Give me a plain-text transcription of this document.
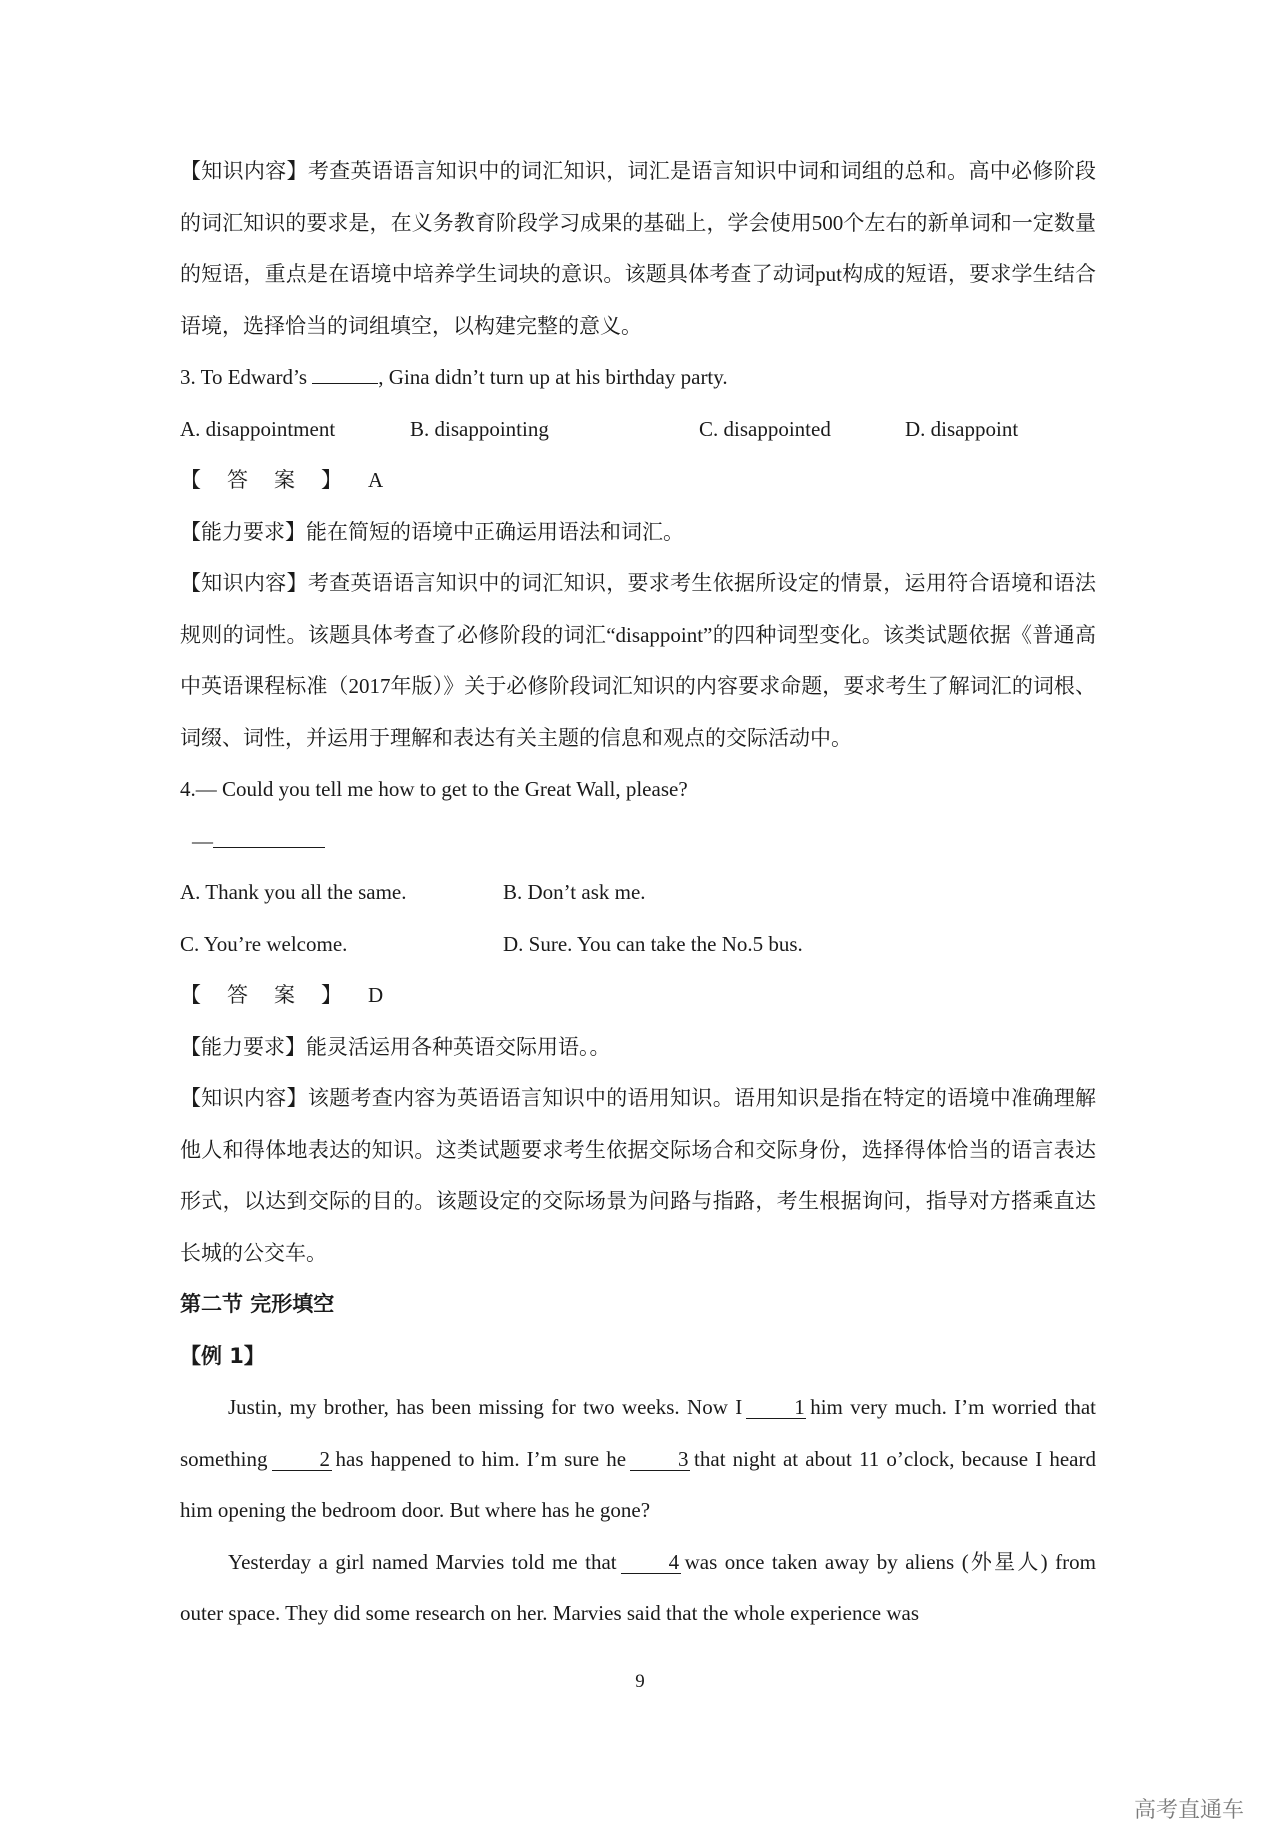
【知识内容】考查英语语言知识中的词汇知识，词汇是语言知识中词和词组的总和。高中必修阶段的词汇知识的要求是，在义务教育阶段学习成果的基础上，学会使用500个左右的新单词和一定数量的短语，重点是在语境中培养学生词块的意识。该题具体考查了动词put构成的短语，要求学生结合语境，选择恰当的词组填空，以构建完整的意义。

3. To Edward’s	, Gina didn’t turn up at his birthday party.

A. disappointment	B. disappointing	C. disappointed	D. disappoint

【答案】A

【能力要求】能在简短的语境中正确运用语法和词汇。

【知识内容】考查英语语言知识中的词汇知识，要求考生依据所设定的情景，运用符合语境和语法规则的词性。该题具体考查了必修阶段的词汇“disappoint”的四种词型变化。该类试题依据《普通高中英语课程标准（2017年版）》关于必修阶段词汇知识的内容要求命题，要求考生了解词汇的词根、词缀、词性，并运用于理解和表达有关主题的信息和观点的交际活动中。

4.— Could you tell me how to get to the Great Wall, please?

—

A. Thank you all the same.	B. Don’t ask me.
C. You’re welcome.	D. Sure. You can take the No.5 bus.

【答案】D

【能力要求】能灵活运用各种英语交际用语。。

【知识内容】该题考查内容为英语语言知识中的语用知识。语用知识是指在特定的语境中准确理解他人和得体地表达的知识。这类试题要求考生依据交际场合和交际身份，选择得体恰当的语言表达形式，以达到交际的目的。该题设定的交际场景为问路与指路，考生根据询问，指导对方搭乘直达长城的公交车。

第二节 完形填空

【例 1】

Justin, my brother, has been missing for two weeks. Now I 1 him very much. I’m worried that something 2 has happened to him. I’m sure he 3 that night at about 11 o’clock, because I heard him opening the bedroom door. But where has he gone?

Yesterday a girl named Marvies told me that 4 was once taken away by aliens (外星人) from outer space. They did some research on her. Marvies said that the whole experience was

9
高考直通车
